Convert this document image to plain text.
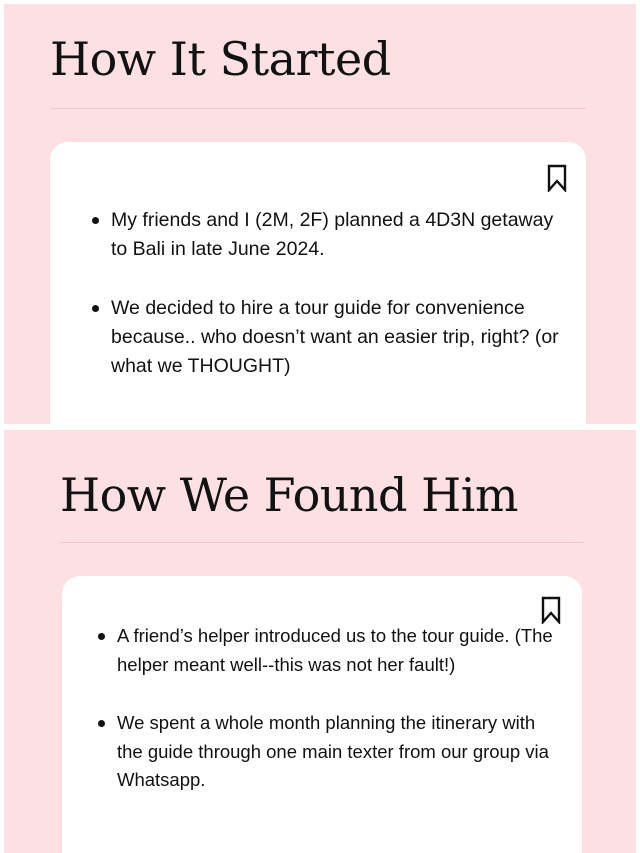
How It Started
My friends and I (2M, 2F) planned a 4D3N getaway to Bali in late June 2024.
We decided to hire a tour guide for convenience because.. who doesn’t want an easier trip, right? (or what we THOUGHT)
How We Found Him
A friend’s helper introduced us to the tour guide. (The helper meant well--this was not her fault!)
We spent a whole month planning the itinerary with the guide through one main texter from our group via Whatsapp.
